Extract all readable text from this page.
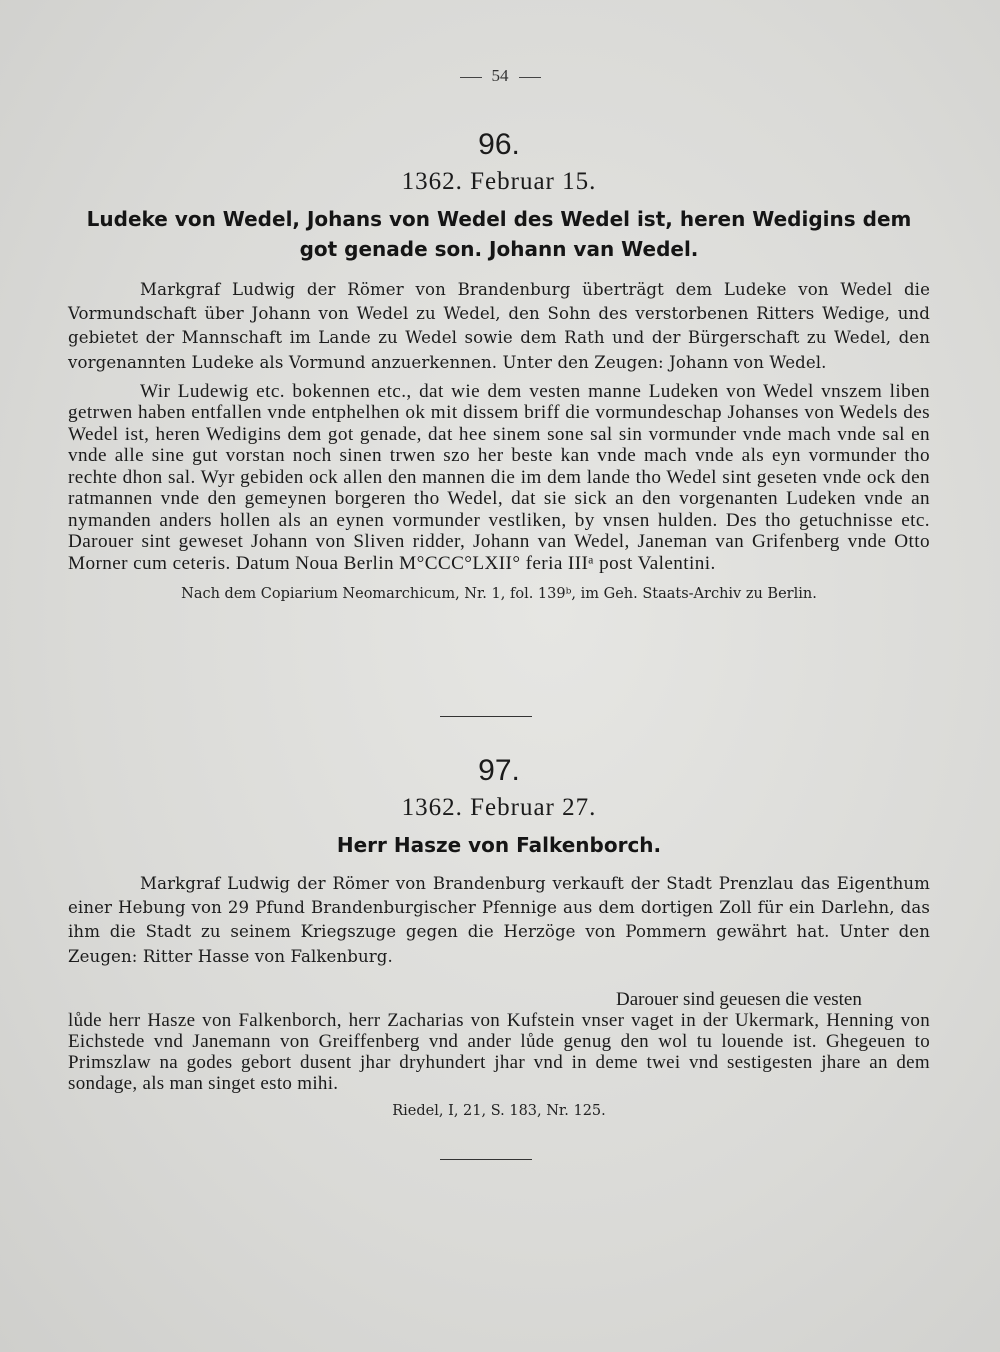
54
96.
1362. Februar 15.
Ludeke von Wedel, Johans von Wedel des Wedel ist, heren Wedigins dem
got genade son. Johann van Wedel.
Markgraf Ludwig der Römer von Brandenburg überträgt dem Ludeke von Wedel die Vormundschaft über Johann von Wedel zu Wedel, den Sohn des verstorbenen Ritters Wedige, und gebietet der Mannschaft im Lande zu Wedel sowie dem Rath und der Bürgerschaft zu Wedel, den vorgenannten Ludeke als Vormund anzuerkennen. Unter den Zeugen: Johann von Wedel.
Wir Ludewig etc. bokennen etc., dat wie dem vesten manne Ludeken von Wedel vnszem liben getrwen haben entfallen vnde entphelhen ok mit dissem briff die vormundeschap Johanses von Wedels des Wedel ist, heren Wedigins dem got genade, dat hee sinem sone sal sin vormunder vnde mach vnde sal en vnde alle sine gut vorstan noch sinen trwen szo her beste kan vnde mach vnde als eyn vormunder tho rechte dhon sal. Wyr gebiden ock allen den mannen die im dem lande tho Wedel sint geseten vnde ock den ratmannen vnde den gemeynen borgeren tho Wedel, dat sie sick an den vorgenanten Ludeken vnde an nymanden anders hollen als an eynen vormunder vestliken, by vnsen hulden. Des tho getuchnisse etc. Darouer sint geweset Johann von Sliven ridder, Johann van Wedel, Janeman van Grifenberg vnde Otto Morner cum ceteris. Datum Noua Berlin M°CCC°LXII° feria IIIᵃ post Valentini.
Nach dem Copiarium Neomarchicum, Nr. 1, fol. 139ᵇ, im Geh. Staats-Archiv zu Berlin.
97.
1362. Februar 27.
Herr Hasze von Falkenborch.
Markgraf Ludwig der Römer von Brandenburg verkauft der Stadt Prenzlau das Eigenthum einer Hebung von 29 Pfund Brandenburgischer Pfennige aus dem dortigen Zoll für ein Darlehn, das ihm die Stadt zu seinem Kriegszuge gegen die Herzöge von Pommern gewährt hat. Unter den Zeugen: Ritter Hasse von Falkenburg.
Darouer sind geuesen die vesten
lůde herr Hasze von Falkenborch, herr Zacharias von Kufstein vnser vaget in der Ukermark, Henning von Eichstede vnd Janemann von Greiffenberg vnd ander lůde genug den wol tu louende ist. Ghegeuen to Primszlaw na godes gebort dusent jhar dryhundert jhar vnd in deme twei vnd sestigesten jhare an dem sondage, als man singet esto mihi.
Riedel, I, 21, S. 183, Nr. 125.
